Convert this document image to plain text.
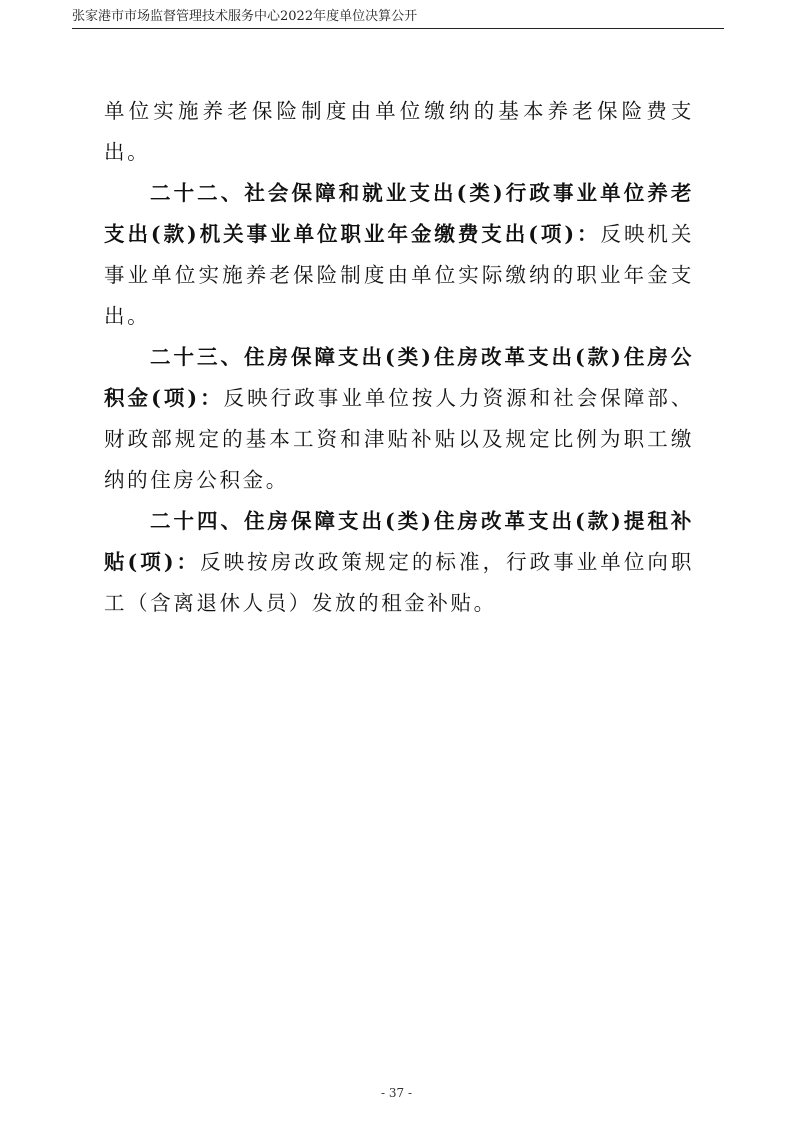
张家港市市场监督管理技术服务中心2022年度单位决算公开

单位实施养老保险制度由单位缴纳的基本养老保险费支出。

二十二、社会保障和就业支出(类)行政事业单位养老支出(款)机关事业单位职业年金缴费支出(项)：反映机关事业单位实施养老保险制度由单位实际缴纳的职业年金支出。

二十三、住房保障支出(类)住房改革支出(款)住房公积金(项)：反映行政事业单位按人力资源和社会保障部、财政部规定的基本工资和津贴补贴以及规定比例为职工缴纳的住房公积金。

二十四、住房保障支出(类)住房改革支出(款)提租补贴(项)：反映按房改政策规定的标准，行政事业单位向职工（含离退休人员）发放的租金补贴。

- 37 -
